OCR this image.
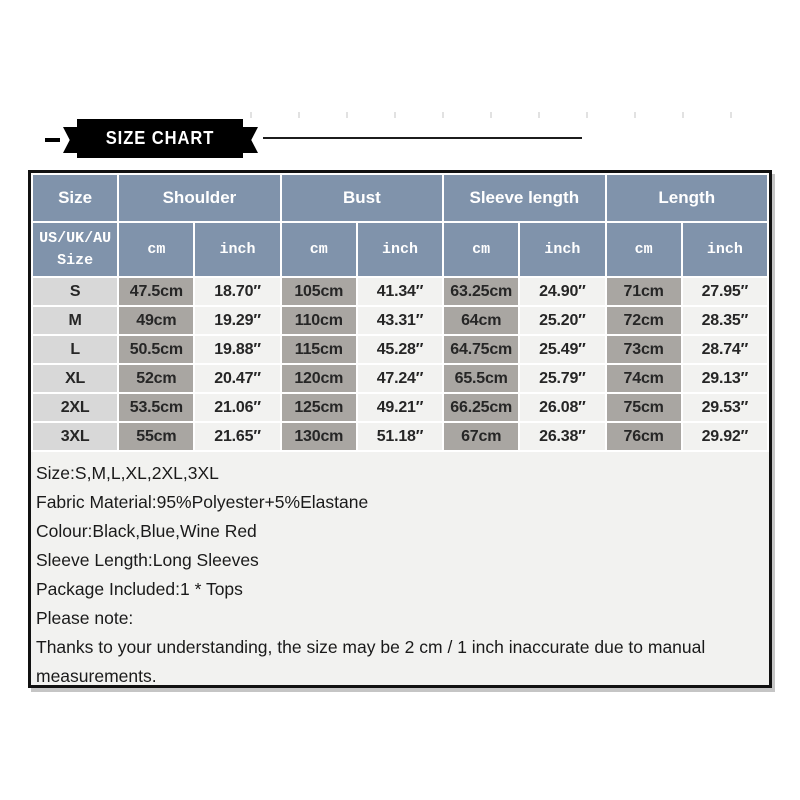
SIZE CHART
Size	Shoulder		Bust		Sleeve length		Length	

US/UK/AU
Size	cm	inch	cm	inch	cm	inch	cm	inch
S	47.5cm	18.70″	105cm	41.34″	63.25cm	24.90″	71cm	27.95″
M	49cm	19.29″	110cm	43.31″	64cm	25.20″	72cm	28.35″
L	50.5cm	19.88″	115cm	45.28″	64.75cm	25.49″	73cm	28.74″
XL	52cm	20.47″	120cm	47.24″	65.5cm	25.79″	74cm	29.13″
2XL	53.5cm	21.06″	125cm	49.21″	66.25cm	26.08″	75cm	29.53″
3XL	55cm	21.65″	130cm	51.18″	67cm	26.38″	76cm	29.92″

Size:S,M,L,XL,2XL,3XL

Fabric Material:95%Polyester+5%Elastane

Colour:Black,Blue,Wine Red

Sleeve Length:Long Sleeves

Package Included:1 * Tops

Please note:

Thanks to your understanding, the size may be 2 cm / 1 inch inaccurate due to manual measurements.
